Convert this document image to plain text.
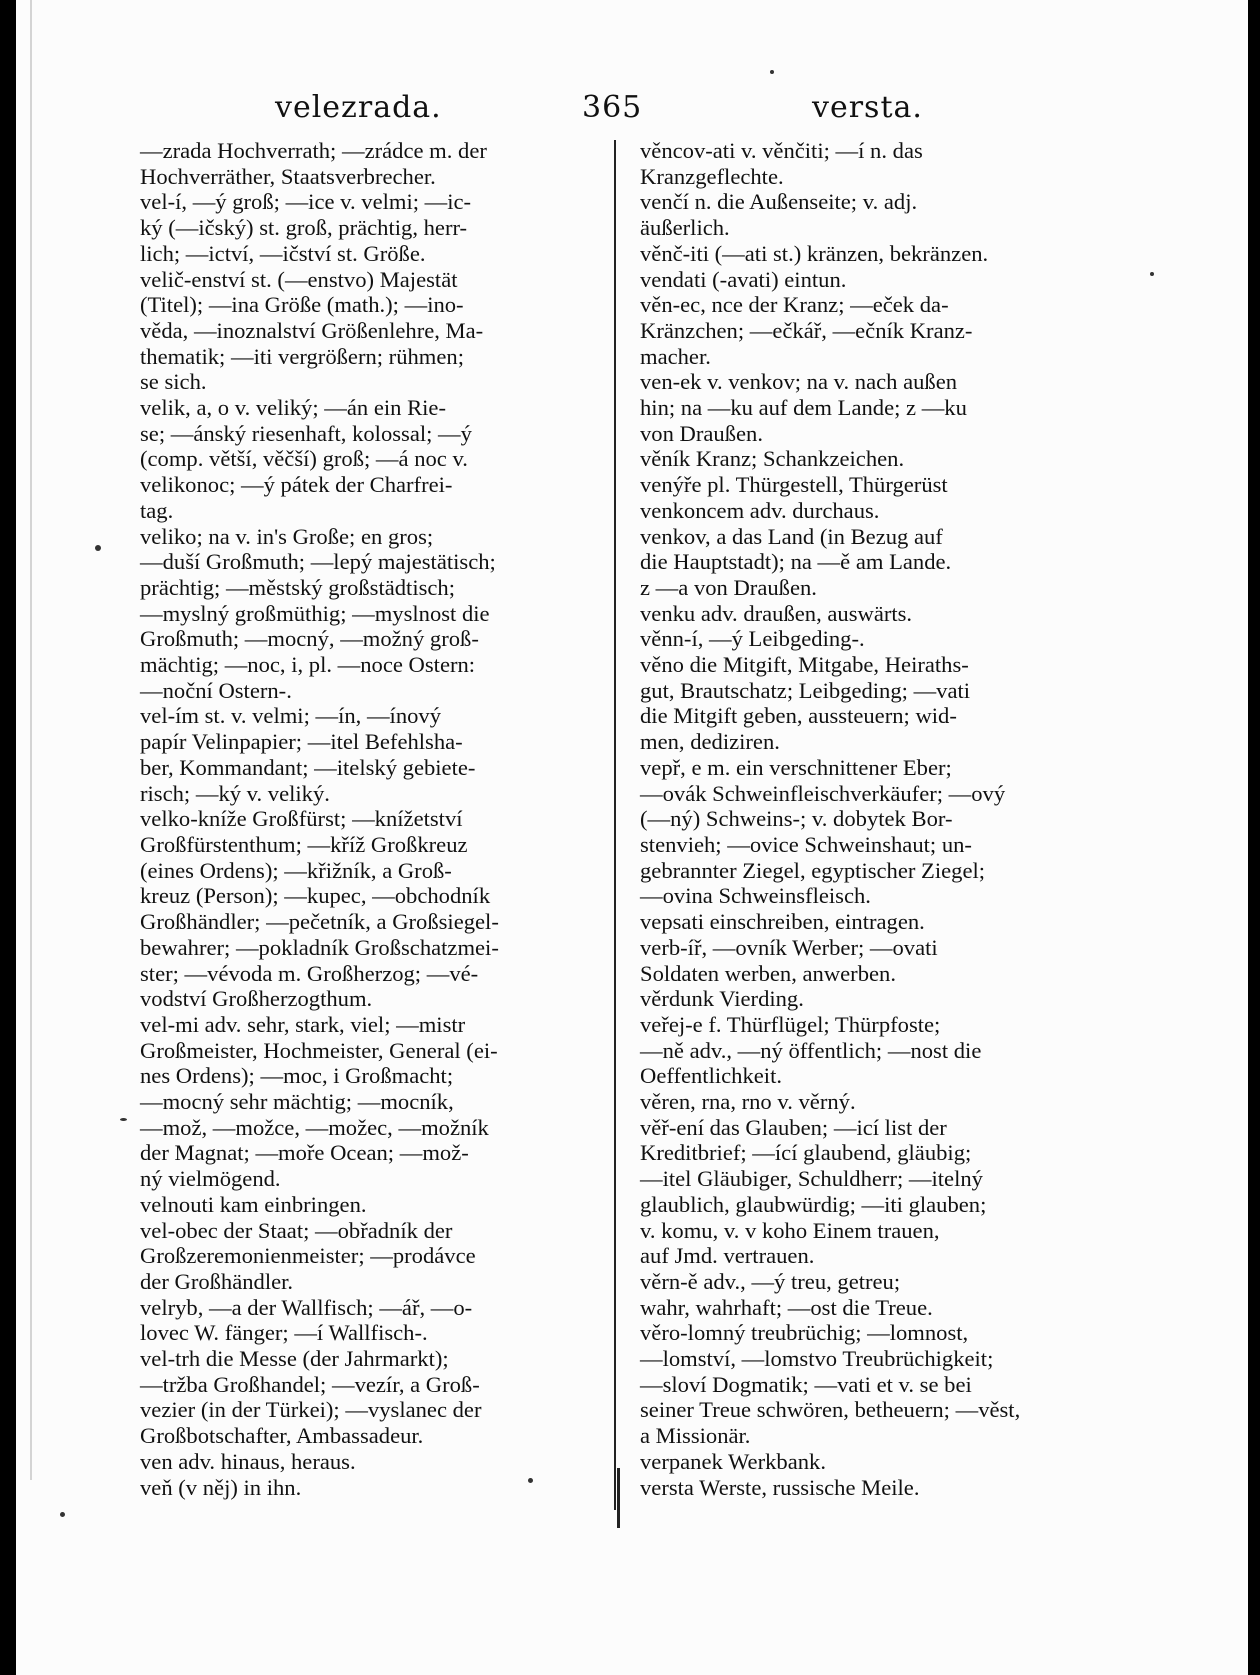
velezrada.	365	versta.

—zrada Hochverrath; —zrádce m. der

Hochverräther, Staatsverbrecher.

vel-í, —ý groß; —ice v. velmi; —ic-

ký (—ičský) st. groß, prächtig, herr-

lich; —ictví, —ičství st. Größe.

velič-enství st. (—enstvo) Majestät

(Titel); —ina Größe (math.); —ino-

věda, —inoznalství Größenlehre, Ma-

thematik; —iti vergrößern; rühmen;

se sich.

velik, a, o v. veliký; —án ein Rie-

se; —ánský riesenhaft, kolossal; —ý

(comp. větší, věčší) groß; —á noc v.

velikonoc; —ý pátek der Charfrei-

tag.

veliko; na v. in's Große; en gros;

—duší Großmuth; —lepý majestätisch;

prächtig; —městský großstädtisch;

—myslný großmüthig; —myslnost die

Großmuth; —mocný, —možný groß-

mächtig; —noc, i, pl. —noce Ostern:

—noční Ostern-.

vel-ím st. v. velmi; —ín, —ínový

papír Velinpapier; —itel Befehlsha-

ber, Kommandant; —itelský gebiete-

risch; —ký v. veliký.

velko-kníže Großfürst; —knížetství

Großfürstenthum; —kříž Großkreuz

(eines Ordens); —křižník, a Groß-

kreuz (Person); —kupec, —obchodník

Großhändler; —pečetník, a Großsiegel-

bewahrer; —pokladník Großschatzmei-

ster; —vévoda m. Großherzog; —vé-

vodství Großherzogthum.

vel-mi adv. sehr, stark, viel; —mistr

Großmeister, Hochmeister, General (ei-

nes Ordens); —moc, i Großmacht;

—mocný sehr mächtig; —mocník,

—mož, —možce, —možec, —možník

der Magnat; —moře Ocean; —mož-

ný vielmögend.

velnouti kam einbringen.

vel-obec der Staat; —obřadník der

Großzeremonienmeister; —prodávce

der Großhändler.

velryb, —a der Wallfisch; —ář, —o-

lovec W. fänger; —í Wallfisch-.

vel-trh die Messe (der Jahrmarkt);

—tržba Großhandel; —vezír, a Groß-

vezier (in der Türkei); —vyslanec der

Großbotschafter, Ambassadeur.

ven adv. hinaus, heraus.

veň (v něj) in ihn.

věncov-ati v. věnčiti; —í n. das

Kranzgeflechte.

venčí n. die Außenseite; v. adj.

äußerlich.

věnč-iti (—ati st.) kränzen, bekränzen.

vendati (-avati) eintun.

věn-ec, nce der Kranz; —eček da-

Kränzchen; —ečkář, —ečník Kranz-

macher.

ven-ek v. venkov; na v. nach außen

hin; na —ku auf dem Lande; z —ku

von Draußen.

věník Kranz; Schankzeichen.

venýře pl. Thürgestell, Thürgerüst

venkoncem adv. durchaus.

venkov, a das Land (in Bezug auf

die Hauptstadt); na —ě am Lande.

z —a von Draußen.

venku adv. draußen, auswärts.

věnn-í, —ý Leibgeding-.

věno die Mitgift, Mitgabe, Heiraths-

gut, Brautschatz; Leibgeding; —vati

die Mitgift geben, aussteuern; wid-

men, dediziren.

vepř, e m. ein verschnittener Eber;

—ovák Schweinfleischverkäufer; —ový

(—ný) Schweins-; v. dobytek Bor-

stenvieh; —ovice Schweinshaut; un-

gebrannter Ziegel, egyptischer Ziegel;

—ovina Schweinsfleisch.

vepsati einschreiben, eintragen.

verb-íř, —ovník Werber; —ovati

Soldaten werben, anwerben.

věrdunk Vierding.

veřej-e f. Thürflügel; Thürpfoste;

—ně adv., —ný öffentlich; —nost die

Oeffentlichkeit.

věren, rna, rno v. věrný.

věř-ení das Glauben; —icí list der

Kreditbrief; —ící glaubend, gläubig;

—itel Gläubiger, Schuldherr; —itelný

glaublich, glaubwürdig; —iti glauben;

v. komu, v. v koho Einem trauen,

auf Jmd. vertrauen.

věrn-ě adv., —ý treu, getreu;

wahr, wahrhaft; —ost die Treue.

věro-lomný treubrüchig; —lomnost,

—lomství, —lomstvo Treubrüchigkeit;

—sloví Dogmatik; —vati et v. se bei

seiner Treue schwören, betheuern; —věst,

a Missionär.

verpanek Werkbank.

versta Werste, russische Meile.
